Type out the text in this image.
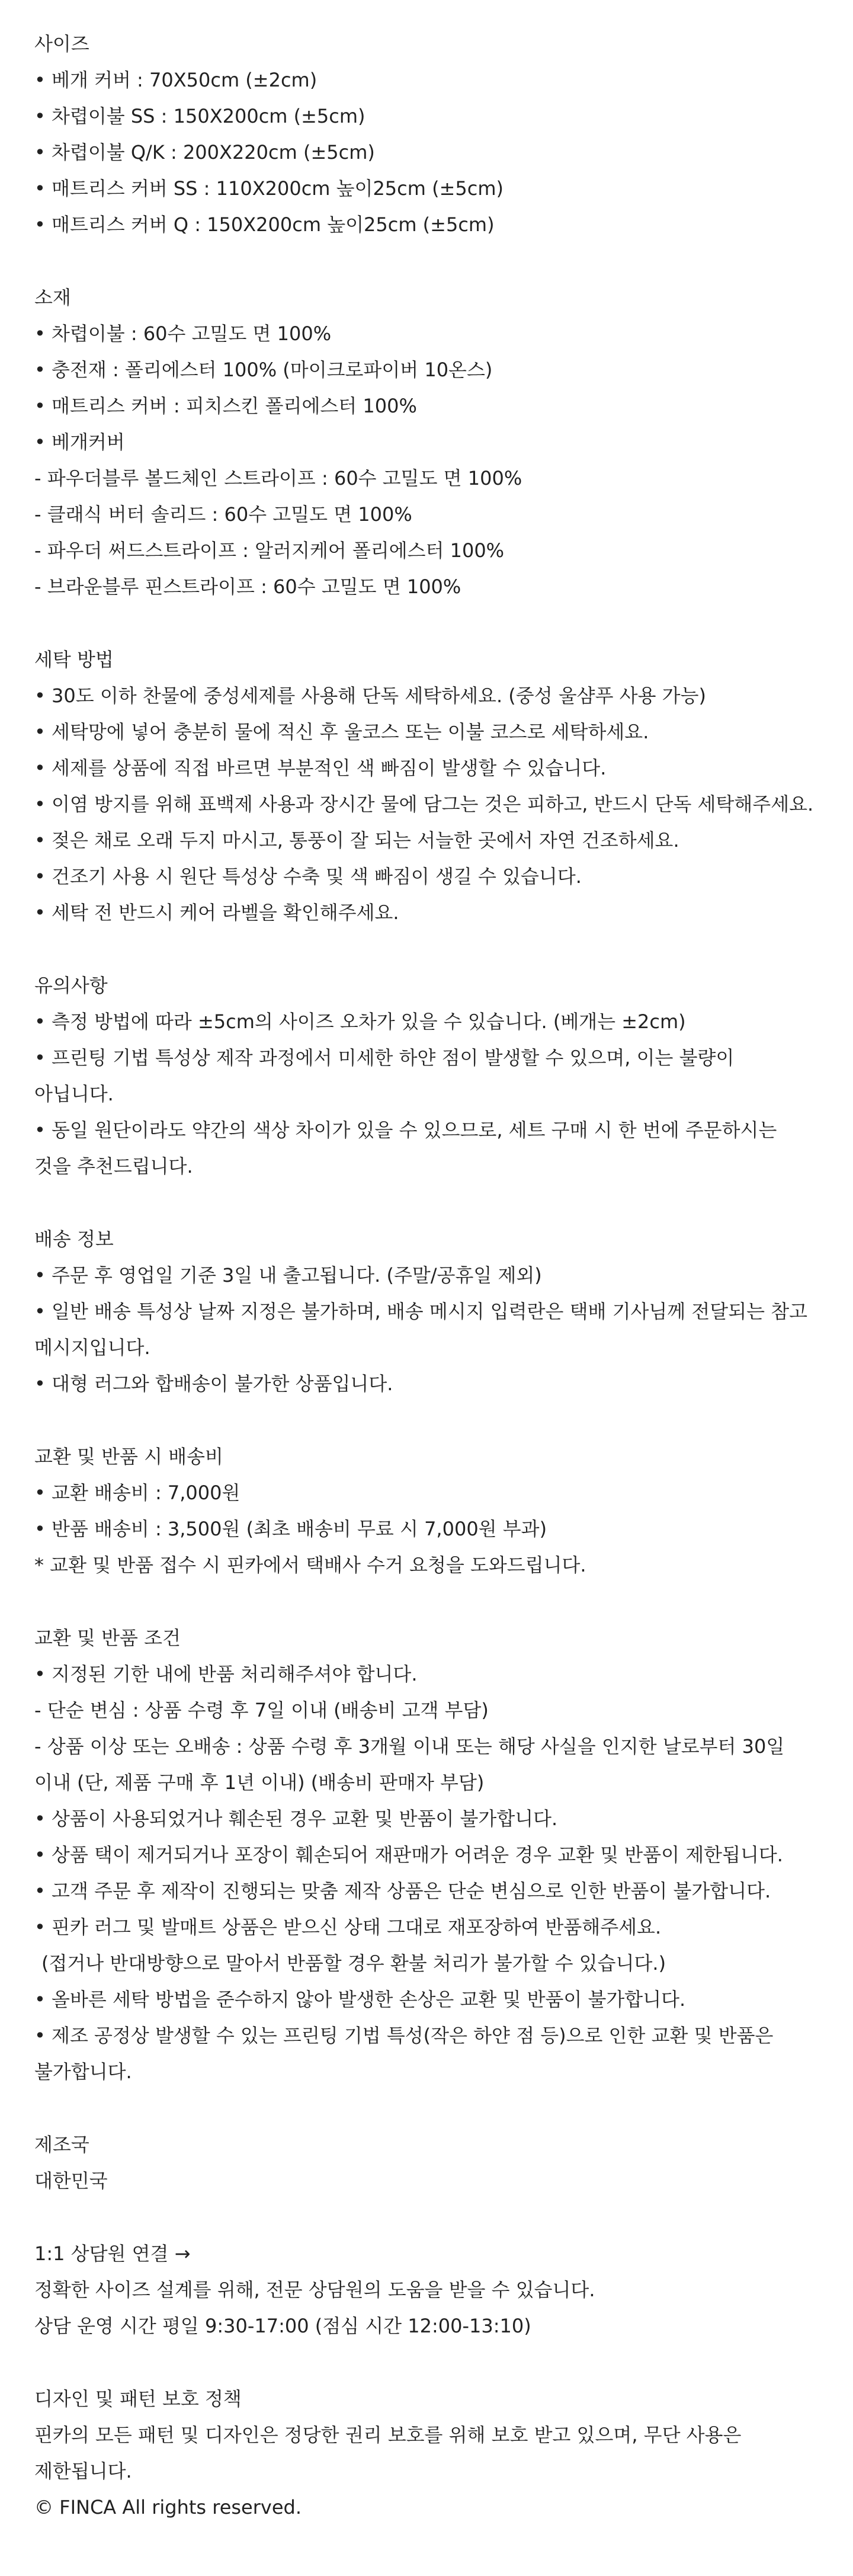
사이즈

• 베개 커버 : 70X50cm (±2cm)

• 차렵이불 SS : 150X200cm (±5cm)

• 차렵이불 Q/K : 200X220cm (±5cm)

• 매트리스 커버 SS : 110X200cm 높이25cm (±5cm)

• 매트리스 커버 Q : 150X200cm 높이25cm (±5cm)

소재

• 차렵이불 : 60수 고밀도 면 100%

• 충전재 : 폴리에스터 100% (마이크로파이버 10온스)

• 매트리스 커버 : 피치스킨 폴리에스터 100%

• 베개커버

- 파우더블루 볼드체인 스트라이프 : 60수 고밀도 면 100%

- 클래식 버터 솔리드 : 60수 고밀도 면 100%

- 파우더 써드스트라이프 : 알러지케어 폴리에스터 100%

- 브라운블루 핀스트라이프 : 60수 고밀도 면 100%

세탁 방법

• 30도 이하 찬물에 중성세제를 사용해 단독 세탁하세요. (중성 울샴푸 사용 가능)

• 세탁망에 넣어 충분히 물에 적신 후 울코스 또는 이불 코스로 세탁하세요.

• 세제를 상품에 직접 바르면 부분적인 색 빠짐이 발생할 수 있습니다.

• 이염 방지를 위해 표백제 사용과 장시간 물에 담그는 것은 피하고, 반드시 단독 세탁해주세요.

• 젖은 채로 오래 두지 마시고, 통풍이 잘 되는 서늘한 곳에서 자연 건조하세요.

• 건조기 사용 시 원단 특성상 수축 및 색 빠짐이 생길 수 있습니다.

• 세탁 전 반드시 케어 라벨을 확인해주세요.

유의사항

• 측정 방법에 따라 ±5cm의 사이즈 오차가 있을 수 있습니다. (베개는 ±2cm)

• 프린팅 기법 특성상 제작 과정에서 미세한 하얀 점이 발생할 수 있으며, 이는 불량이 아닙니다.

• 동일 원단이라도 약간의 색상 차이가 있을 수 있으므로, 세트 구매 시 한 번에 주문하시는 것을 추천드립니다.

배송 정보

• 주문 후 영업일 기준 3일 내 출고됩니다. (주말/공휴일 제외)

• 일반 배송 특성상 날짜 지정은 불가하며, 배송 메시지 입력란은 택배 기사님께 전달되는 참고 메시지입니다.

• 대형 러그와 합배송이 불가한 상품입니다.

교환 및 반품 시 배송비

• 교환 배송비 : 7,000원

• 반품 배송비 : 3,500원 (최초 배송비 무료 시 7,000원 부과)

* 교환 및 반품 접수 시 핀카에서 택배사 수거 요청을 도와드립니다.

교환 및 반품 조건

• 지정된 기한 내에 반품 처리해주셔야 합니다.

- 단순 변심 : 상품 수령 후 7일 이내 (배송비 고객 부담)

- 상품 이상 또는 오배송 : 상품 수령 후 3개월 이내 또는 해당 사실을 인지한 날로부터 30일 이내 (단, 제품 구매 후 1년 이내) (배송비 판매자 부담)

• 상품이 사용되었거나 훼손된 경우 교환 및 반품이 불가합니다.

• 상품 택이 제거되거나 포장이 훼손되어 재판매가 어려운 경우 교환 및 반품이 제한됩니다.

• 고객 주문 후 제작이 진행되는 맞춤 제작 상품은 단순 변심으로 인한 반품이 불가합니다.

• 핀카 러그 및 발매트 상품은 받으신 상태 그대로 재포장하여 반품해주세요.

(접거나 반대방향으로 말아서 반품할 경우 환불 처리가 불가할 수 있습니다.)

• 올바른 세탁 방법을 준수하지 않아 발생한 손상은 교환 및 반품이 불가합니다.

• 제조 공정상 발생할 수 있는 프린팅 기법 특성(작은 하얀 점 등)으로 인한 교환 및 반품은 불가합니다.

제조국

대한민국

1:1 상담원 연결 →

정확한 사이즈 설계를 위해, 전문 상담원의 도움을 받을 수 있습니다.

상담 운영 시간 평일 9:30-17:00 (점심 시간 12:00-13:10)

디자인 및 패턴 보호 정책

핀카의 모든 패턴 및 디자인은 정당한 권리 보호를 위해 보호 받고 있으며, 무단 사용은 제한됩니다.

© FINCA All rights reserved.
